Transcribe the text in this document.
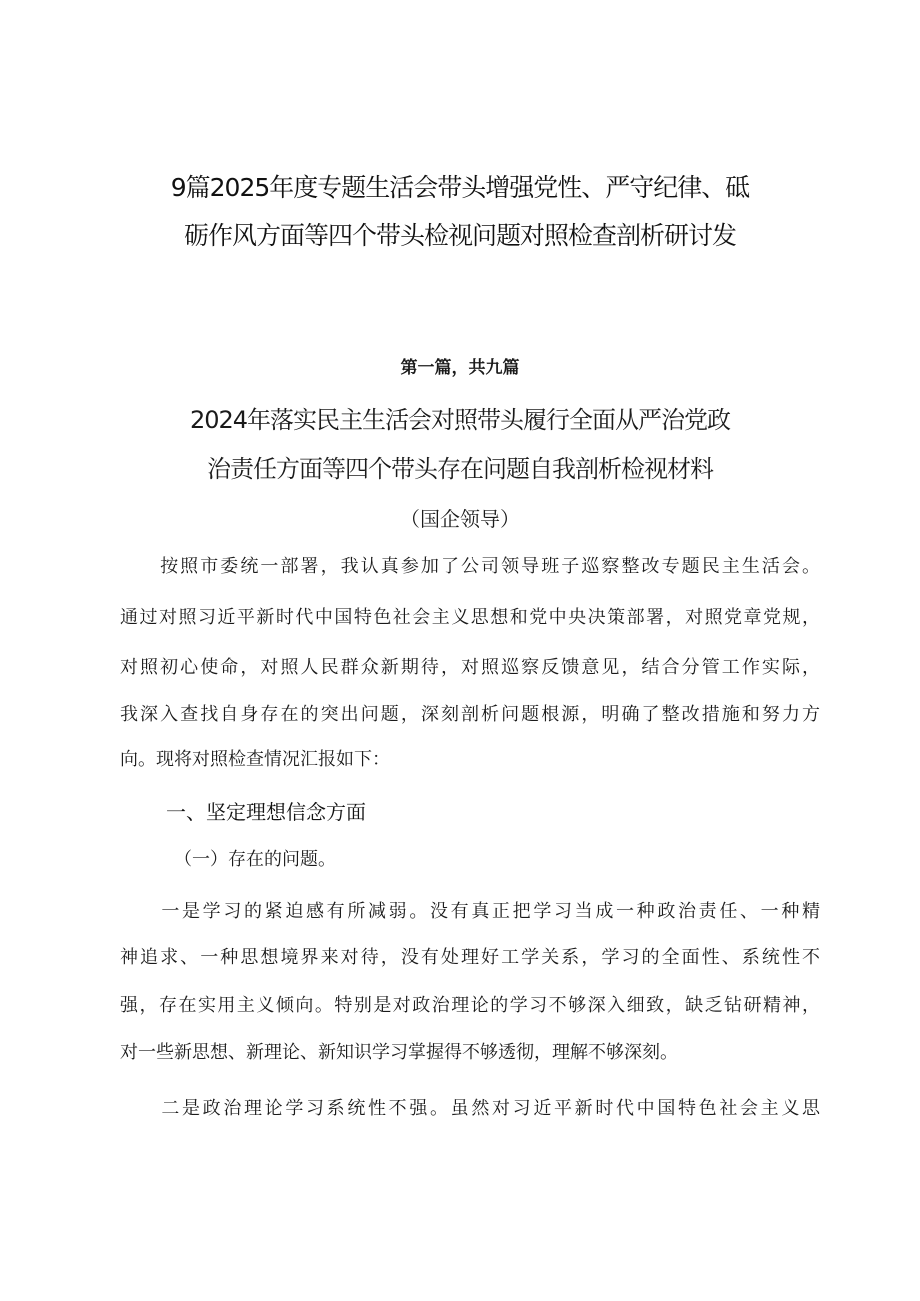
9篇2025年度专题生活会带头增强党性、严守纪律、砥
砺作风方面等四个带头检视问题对照检查剖析研讨发
第一篇，共九篇
2024年落实民主生活会对照带头履行全面从严治党政
治责任方面等四个带头存在问题自我剖析检视材料
（国企领导）
　　按照市委统一部署，我认真参加了公司领导班子巡察整改专题民主生活会。
通过对照习近平新时代中国特色社会主义思想和党中央决策部署，对照党章党规，
对照初心使命，对照人民群众新期待，对照巡察反馈意见，结合分管工作实际，
我深入查找自身存在的突出问题，深刻剖析问题根源，明确了整改措施和努力方
向。现将对照检查情况汇报如下：
一、坚定理想信念方面
（一）存在的问题。
　　一是学习的紧迫感有所减弱。没有真正把学习当成一种政治责任、一种精
神追求、一种思想境界来对待，没有处理好工学关系，学习的全面性、系统性不
强，存在实用主义倾向。特别是对政治理论的学习不够深入细致，缺乏钻研精神，
对一些新思想、新理论、新知识学习掌握得不够透彻，理解不够深刻。
　　二是政治理论学习系统性不强。虽然对习近平新时代中国特色社会主义思
